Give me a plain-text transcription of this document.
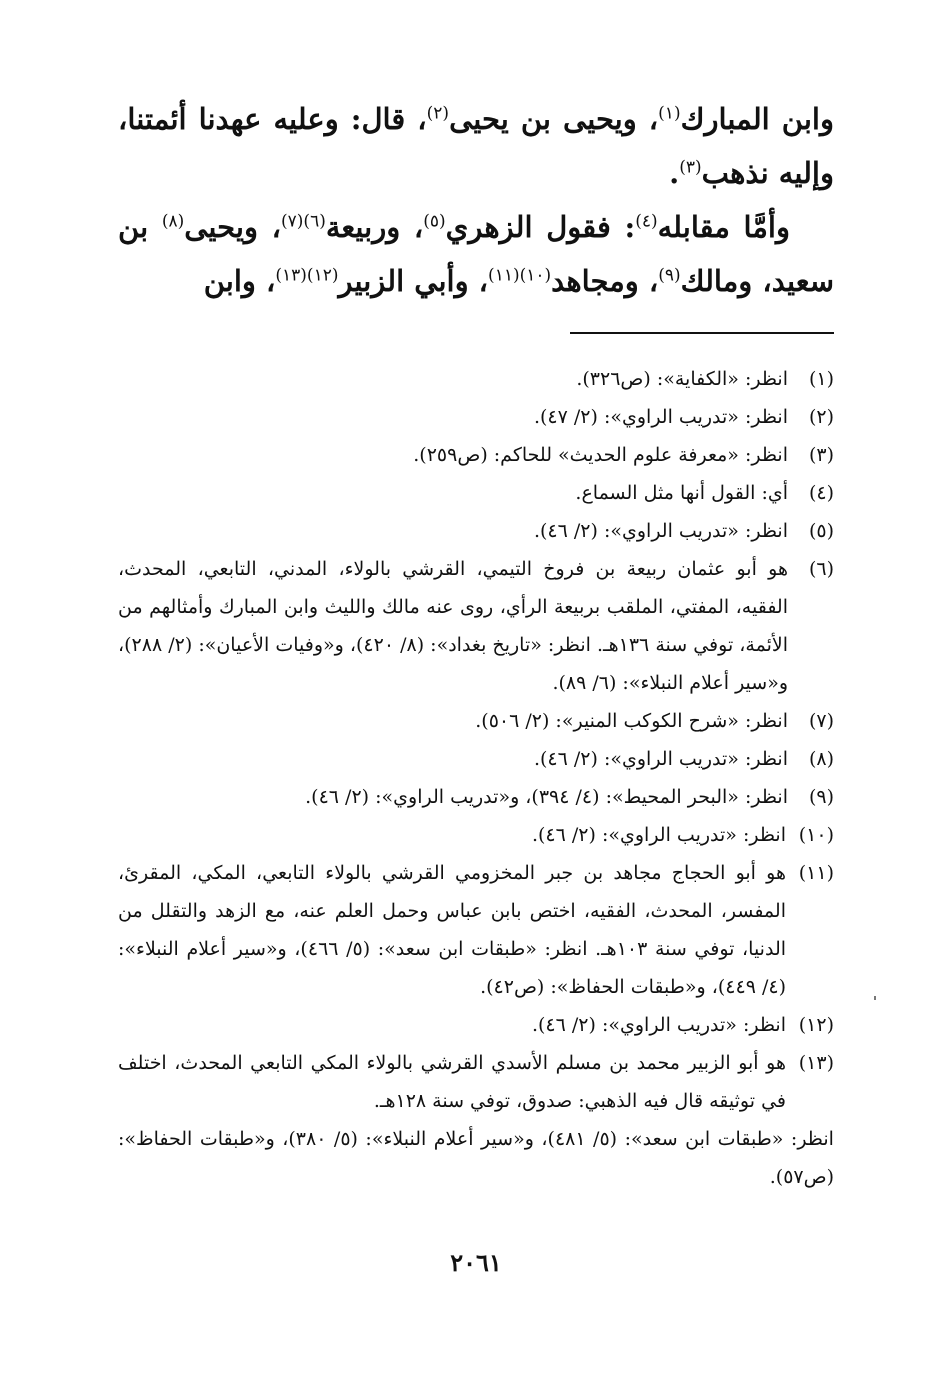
وابن المبارك$^{(١)}$، ويحيى بن يحيى$^{(٢)}$، قال: وعليه عهدنا أئمتنا، وإليه نذهب$^{(٣)}$.

وأمَّا مقابله$^{(٤)}$: فقول الزهري$^{(٥)}$، وربيعة$^{(٦)(٧)}$، ويحيى$^{(٨)}$ بن سعيد، ومالك$^{(٩)}$، ومجاهد$^{(١٠)(١١)}$، وأبي الزبير$^{(١٢)(١٣)}$، وابن

(١)
انظر: «الكفاية»: (ص٣٢٦).
(٢)
انظر: «تدريب الراوي»: (٢/ ٤٧).
(٣)
انظر: «معرفة علوم الحديث» للحاكم: (ص٢٥٩).
(٤)
أي: القول أنها مثل السماع.
(٥)
انظر: «تدريب الراوي»: (٢/ ٤٦).
(٦)
هو أبو عثمان ربيعة بن فروخ التيمي، القرشي بالولاء، المدني، التابعي، المحدث، الفقيه، المفتي، الملقب بربيعة الرأي، روى عنه مالك والليث وابن المبارك وأمثالهم من الأئمة، توفي سنة ١٣٦هـ. انظر: «تاريخ بغداد»: (٨/ ٤٢٠)، و«وفيات الأعيان»: (٢/ ٢٨٨)، و«سير أعلام النبلاء»: (٦/ ٨٩).
(٧)
انظر: «شرح الكوكب المنير»: (٢/ ٥٠٦).
(٨)
انظر: «تدريب الراوي»: (٢/ ٤٦).
(٩)
انظر: «البحر المحيط»: (٤/ ٣٩٤)، و«تدريب الراوي»: (٢/ ٤٦).
(١٠)
انظر: «تدريب الراوي»: (٢/ ٤٦).
(١١)
هو أبو الحجاج مجاهد بن جبر المخزومي القرشي بالولاء التابعي، المكي، المقرئ، المفسر، المحدث، الفقيه، اختص بابن عباس وحمل العلم عنه، مع الزهد والتقلل من الدنيا، توفي سنة ١٠٣هـ. انظر: «طبقات ابن سعد»: (٥/ ٤٦٦)، و«سير أعلام النبلاء»: (٤/ ٤٤٩)، و«طبقات الحفاظ»: (ص٤٢).
(١٢)
انظر: «تدريب الراوي»: (٢/ ٤٦).
(١٣)
هو أبو الزبير محمد بن مسلم الأسدي القرشي بالولاء المكي التابعي المحدث، اختلف في توثيقه قال فيه الذهبي: صدوق، توفي سنة ١٢٨هـ.
انظر: «طبقات ابن سعد»: (٥/ ٤٨١)، و«سير أعلام النبلاء»: (٥/ ٣٨٠)، و«طبقات الحفاظ»: (ص٥٧).
٢٠٦١
